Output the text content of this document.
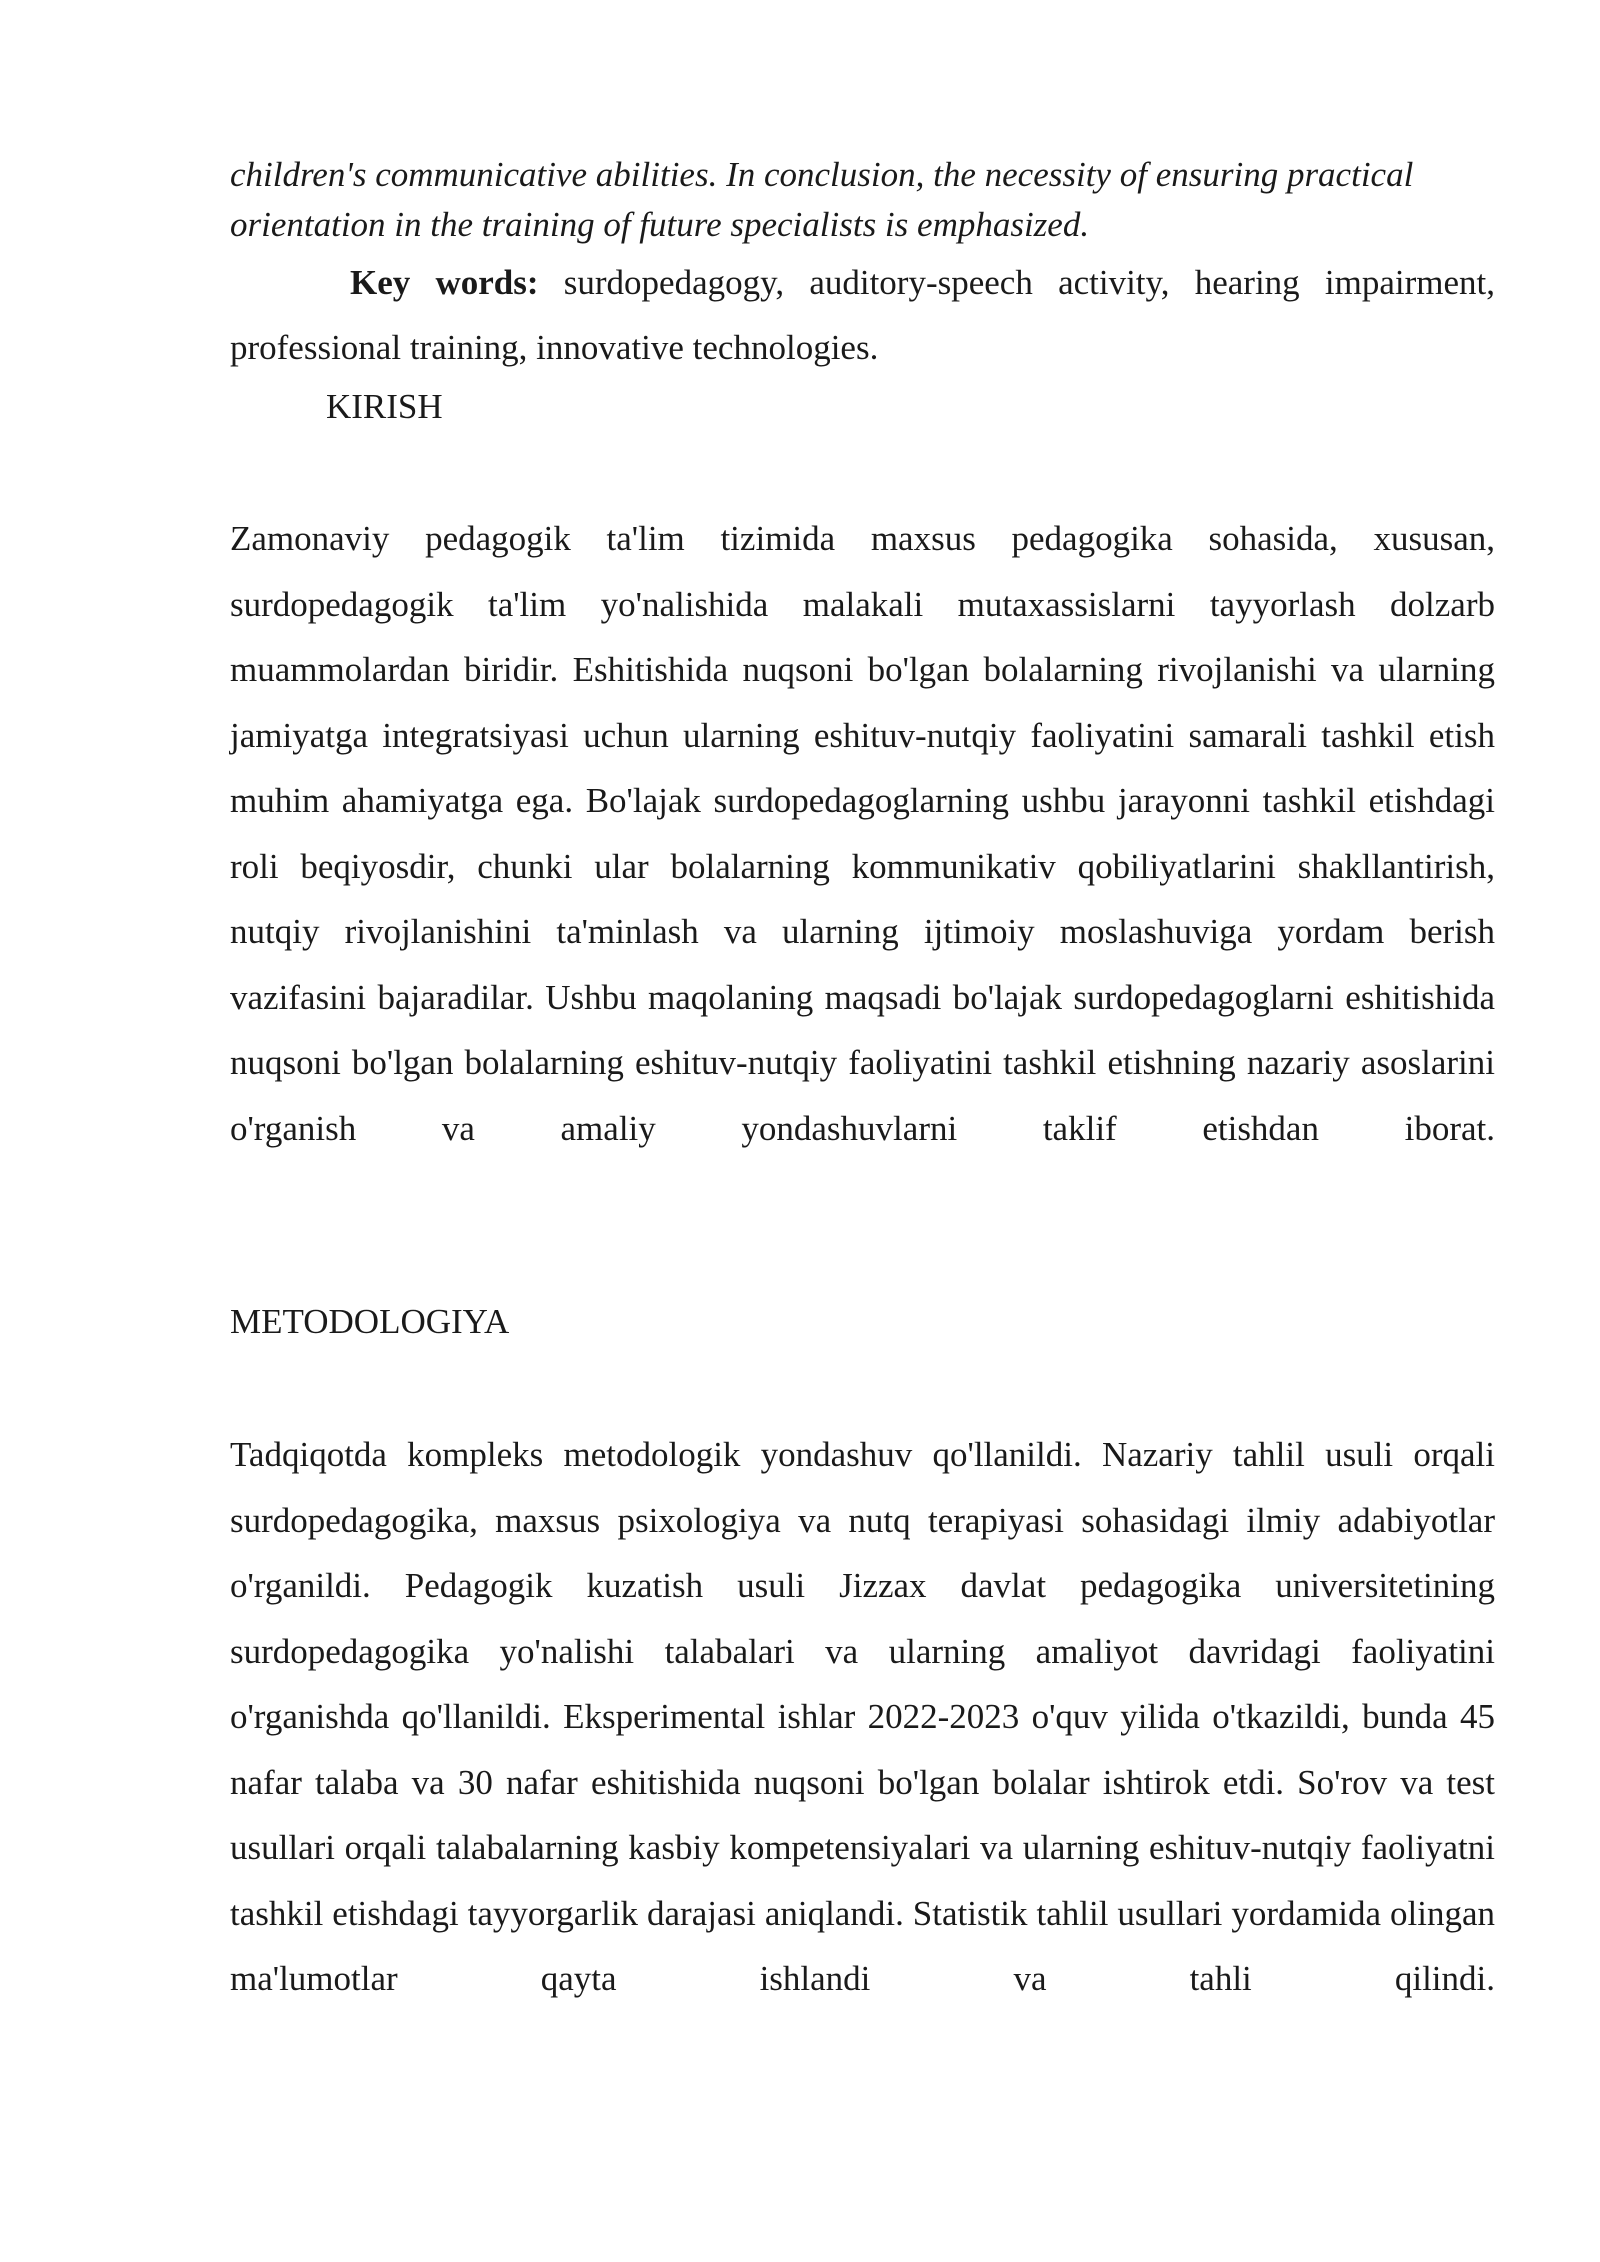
children's communicative abilities. In conclusion, the necessity of ensuring practical orientation in the training of future specialists is emphasized.

Key words: surdopedagogy, auditory-speech activity, hearing impairment, professional training, innovative technologies.

KIRISH

Zamonaviy pedagogik ta'lim tizimida maxsus pedagogika sohasida, xususan, surdopedagogik ta'lim yo'nalishida malakali mutaxassislarni tayyorlash dolzarb muammolardan biridir. Eshitishida nuqsoni bo'lgan bolalarning rivojlanishi va ularning jamiyatga integratsiyasi uchun ularning eshituv-nutqiy faoliyatini samarali tashkil etish muhim ahamiyatga ega. Bo'lajak surdopedagoglarning ushbu jarayonni tashkil etishdagi roli beqiyosdir, chunki ular bolalarning kommunikativ qobiliyatlarini shakllantirish, nutqiy rivojlanishini ta'minlash va ularning ijtimoiy moslashuviga yordam berish vazifasini bajaradilar. Ushbu maqolaning maqsadi bo'lajak surdopedagoglarni eshitishida nuqsoni bo'lgan bolalarning eshituv-nutqiy faoliyatini tashkil etishning nazariy asoslarini o'rganish va amaliy yondashuvlarni taklif etishdan iborat.

METODOLOGIYA

Tadqiqotda kompleks metodologik yondashuv qo'llanildi. Nazariy tahlil usuli orqali surdopedagogika, maxsus psixologiya va nutq terapiyasi sohasidagi ilmiy adabiyotlar o'rganildi. Pedagogik kuzatish usuli Jizzax davlat pedagogika universitetining surdopedagogika yo'nalishi talabalari va ularning amaliyot davridagi faoliyatini o'rganishda qo'llanildi. Eksperimental ishlar 2022-2023 o'quv yilida o'tkazildi, bunda 45 nafar talaba va 30 nafar eshitishida nuqsoni bo'lgan bolalar ishtirok etdi. So'rov va test usullari orqali talabalarning kasbiy kompetensiyalari va ularning eshituv-nutqiy faoliyatni tashkil etishdagi tayyorgarlik darajasi aniqlandi. Statistik tahlil usullari yordamida olingan ma'lumotlar qayta ishlandi va tahli qilindi.
